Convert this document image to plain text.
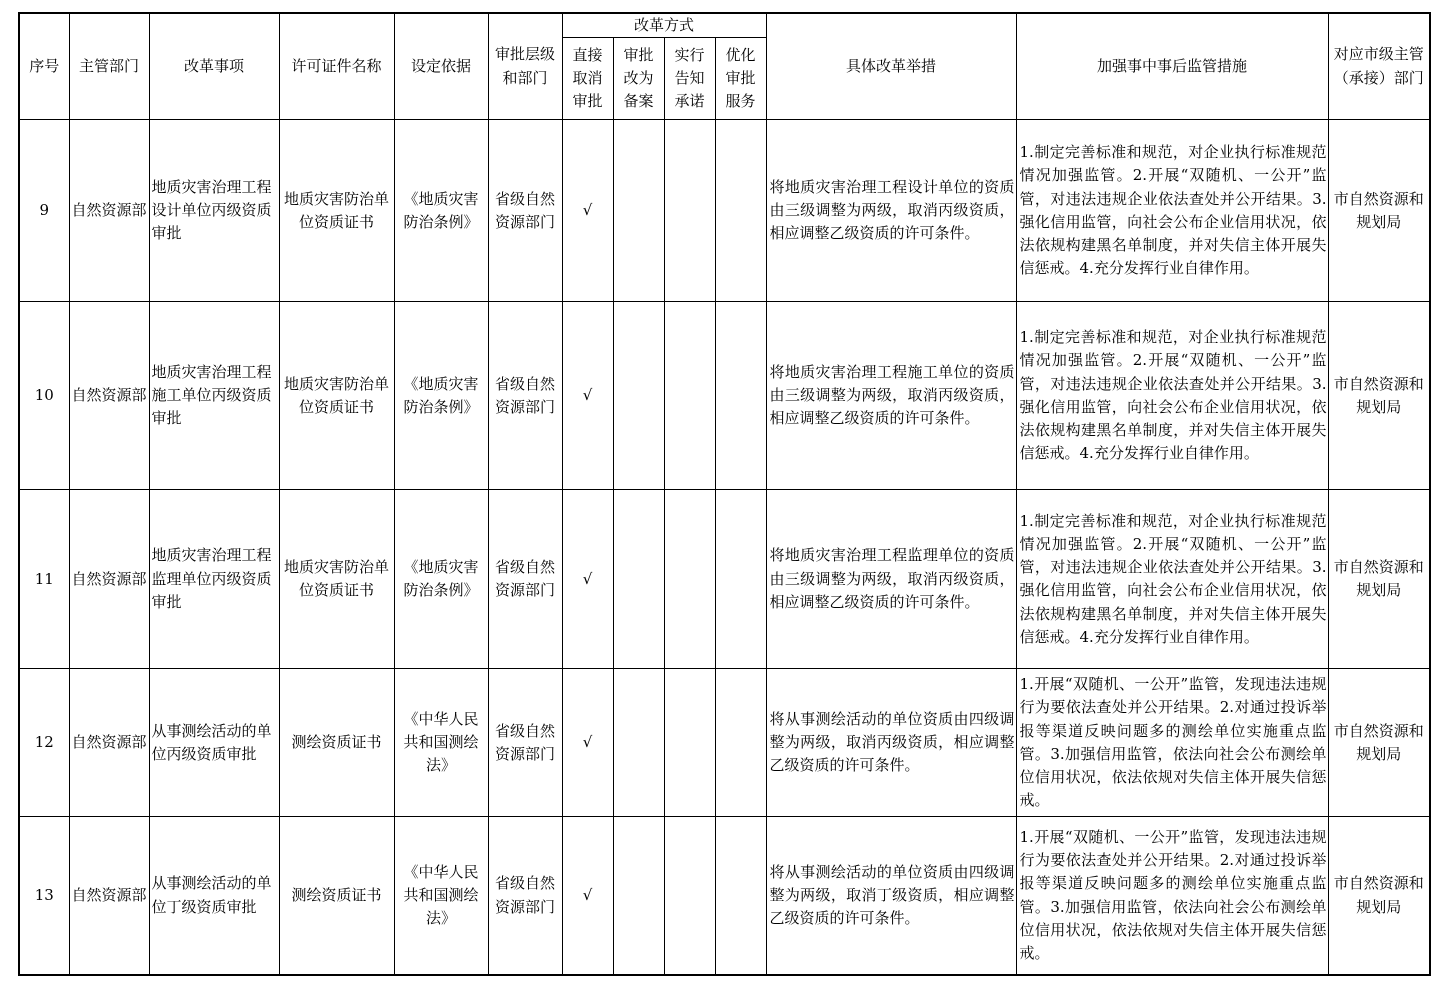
序号	主管部门	改革事项	许可证件名称	设定依据	审批层级和部门	改革方式				具体改革举措	加强事中事后监管措施	对应市级主管（承接）部门
						直接取消审批	审批改为备案	实行告知承诺	优化审批服务			
9	自然资源部	地质灾害治理工程设计单位丙级资质审批	地质灾害防治单位资质证书	《地质灾害防治条例》	省级自然资源部门	√				将地质灾害治理工程设计单位的资质由三级调整为两级，取消丙级资质，相应调整乙级资质的许可条件。	1.制定完善标准和规范，对企业执行标准规范情况加强监管。2.开展“双随机、一公开”监管，对违法违规企业依法查处并公开结果。3.强化信用监管，向社会公布企业信用状况，依法依规构建黑名单制度，并对失信主体开展失信惩戒。4.充分发挥行业自律作用。	市自然资源和规划局
10	自然资源部	地质灾害治理工程施工单位丙级资质审批	地质灾害防治单位资质证书	《地质灾害防治条例》	省级自然资源部门	√				将地质灾害治理工程施工单位的资质由三级调整为两级，取消丙级资质，相应调整乙级资质的许可条件。	1.制定完善标准和规范，对企业执行标准规范情况加强监管。2.开展“双随机、一公开”监管，对违法违规企业依法查处并公开结果。3.强化信用监管，向社会公布企业信用状况，依法依规构建黑名单制度，并对失信主体开展失信惩戒。4.充分发挥行业自律作用。	市自然资源和规划局
11	自然资源部	地质灾害治理工程监理单位丙级资质审批	地质灾害防治单位资质证书	《地质灾害防治条例》	省级自然资源部门	√				将地质灾害治理工程监理单位的资质由三级调整为两级，取消丙级资质，相应调整乙级资质的许可条件。	1.制定完善标准和规范，对企业执行标准规范情况加强监管。2.开展“双随机、一公开”监管，对违法违规企业依法查处并公开结果。3.强化信用监管，向社会公布企业信用状况，依法依规构建黑名单制度，并对失信主体开展失信惩戒。4.充分发挥行业自律作用。	市自然资源和规划局
12	自然资源部	从事测绘活动的单位丙级资质审批	测绘资质证书	《中华人民共和国测绘法》	省级自然资源部门	√				将从事测绘活动的单位资质由四级调整为两级，取消丙级资质，相应调整乙级资质的许可条件。	1.开展“双随机、一公开”监管，发现违法违规行为要依法查处并公开结果。2.对通过投诉举报等渠道反映问题多的测绘单位实施重点监管。3.加强信用监管，依法向社会公布测绘单位信用状况，依法依规对失信主体开展失信惩戒。	市自然资源和规划局
13	自然资源部	从事测绘活动的单位丁级资质审批	测绘资质证书	《中华人民共和国测绘法》	省级自然资源部门	√				将从事测绘活动的单位资质由四级调整为两级，取消丁级资质，相应调整乙级资质的许可条件。	1.开展“双随机、一公开”监管，发现违法违规行为要依法查处并公开结果。2.对通过投诉举报等渠道反映问题多的测绘单位实施重点监管。3.加强信用监管，依法向社会公布测绘单位信用状况，依法依规对失信主体开展失信惩戒。	市自然资源和规划局
